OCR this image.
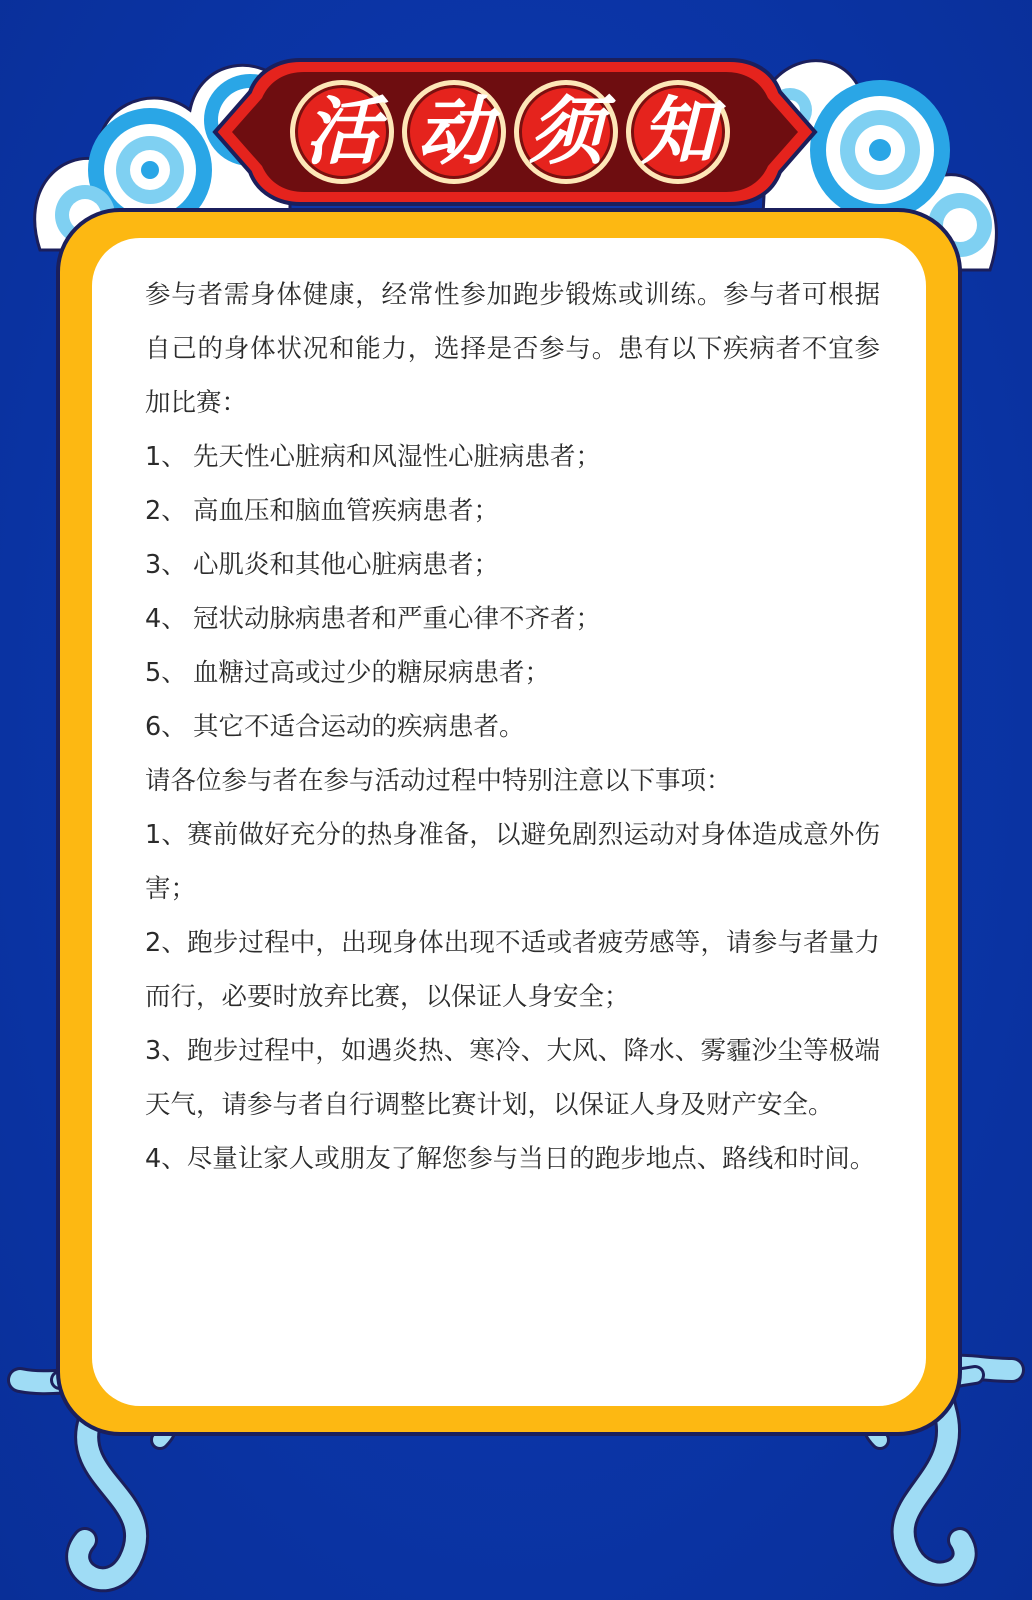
活 动 须 知

参与者需身体健康，经常性参加跑步锻炼或训练。参与者可根据自己的身体状况和能力，选择是否参与。患有以下疾病者不宜参加比赛：

1、 先天性心脏病和风湿性心脏病患者；
2、 高血压和脑血管疾病患者；
3、 心肌炎和其他心脏病患者；
4、 冠状动脉病患者和严重心律不齐者；
5、 血糖过高或过少的糖尿病患者；
6、 其它不适合运动的疾病患者。

请各位参与者在参与活动过程中特别注意以下事项：

1、赛前做好充分的热身准备，以避免剧烈运动对身体造成意外伤害；

2、跑步过程中，出现身体出现不适或者疲劳感等，请参与者量力而行，必要时放弃比赛，以保证人身安全；

3、跑步过程中，如遇炎热、寒冷、大风、降水、雾霾沙尘等极端天气，请参与者自行调整比赛计划，以保证人身及财产安全。

4、尽量让家人或朋友了解您参与当日的跑步地点、路线和时间。
